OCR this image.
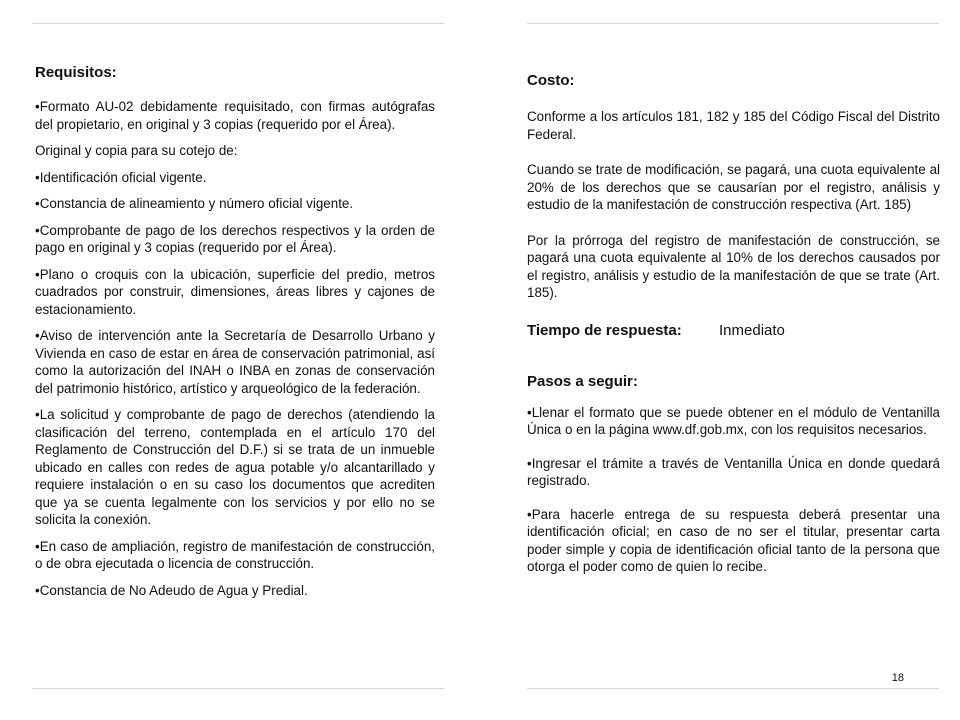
Requisitos:

• Formato AU-02 debidamente requisitado, con firmas autógrafas del propietario, en original y 3 copias (requerido por el Área).

Original y copia para su cotejo de:

• Identificación oficial vigente.

• Constancia de alineamiento y número oficial vigente.

• Comprobante de pago de los derechos respectivos y la orden de pago en original y 3 copias (requerido por el Área).

• Plano o croquis con la ubicación, superficie del predio, metros cuadrados por construir, dimensiones, áreas libres y cajones de estacionamiento.

• Aviso de intervención ante la Secretaría de Desarrollo Urbano y Vivienda en caso de estar en área de conservación patrimonial, así como la autorización del INAH o INBA en zonas de conservación del patrimonio histórico, artístico y arqueológico de la federación.

• La solicitud y comprobante de pago de derechos (atendiendo la clasificación del terreno, contemplada en el artículo 170 del Reglamento de Construcción del D.F.) si se trata de un inmueble ubicado en calles con redes de agua potable y/o alcantarillado y requiere instalación o en su caso los documentos que acrediten que ya se cuenta legalmente con los servicios y por ello no se solicita la conexión.

• En caso de ampliación, registro de manifestación de construcción, o de obra ejecutada o licencia de construcción.

• Constancia de No Adeudo de Agua y Predial.

Costo:

Conforme a los artículos 181, 182 y 185 del Código Fiscal del Distrito Federal.

Cuando se trate de modificación, se pagará, una cuota equivalente al 20% de los derechos que se causarían por el registro, análisis y estudio de la manifestación de construcción respectiva (Art. 185)

Por la prórroga del registro de manifestación de construcción, se pagará una cuota equivalente al 10% de los derechos causados por el registro, análisis y estudio de la manifestación de que se trate (Art. 185).

Tiempo de respuesta:	Inmediato

Pasos a seguir:

• Llenar el formato que se puede obtener en el módulo de Ventanilla Única o en la página www.df.gob.mx, con los requisitos necesarios.

• Ingresar el trámite a través de Ventanilla Única en donde quedará registrado.

• Para hacerle entrega de su respuesta deberá presentar una identificación oficial; en caso de no ser el titular, presentar carta poder simple y copia de identificación oficial tanto de la persona que otorga el poder como de quien lo recibe.

18
